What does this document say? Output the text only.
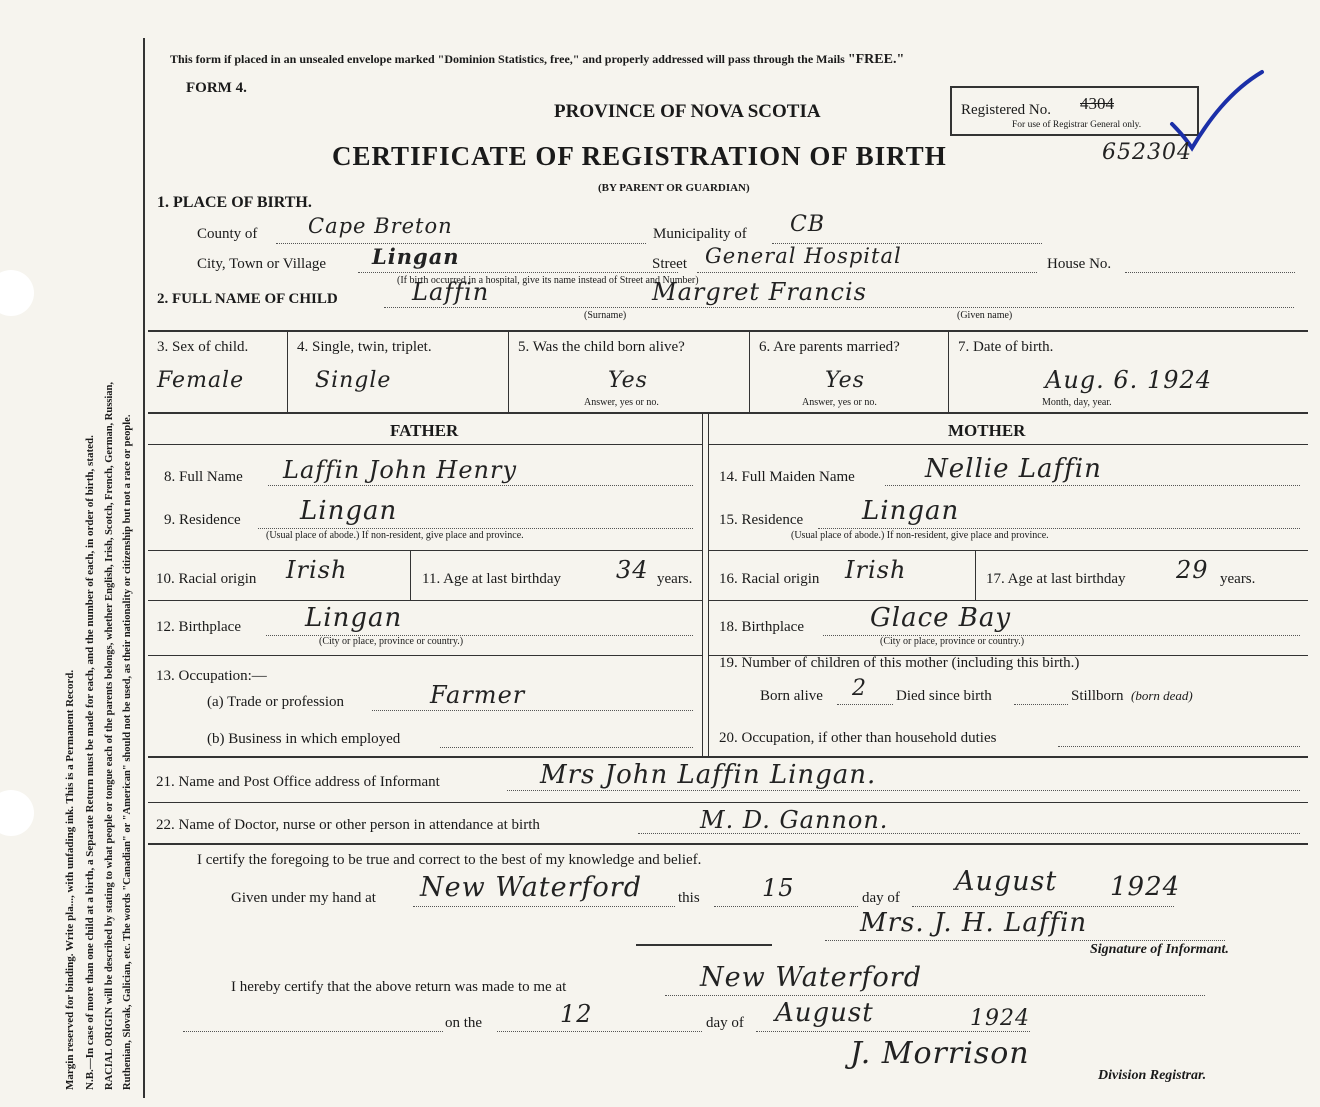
Margin reserved for binding. Write pla..., with unfading ink. This is a Permanent Record. N.B.—In case of more than one child at a birth, a Separate Return must be made for each, and the number of each, in order of birth, stated. RACIAL ORIGIN will be described by stating to what people or tongue each of the parents belongs, whether English, Irish, Scotch, French, German, Russian, Ruthenian, Slovak, Galician, etc. The words "Canadian" or "American" should not be used, as their nationality or citizenship but not a race or people.
This form if placed in an unsealed envelope marked "Dominion Statistics, free," and properly addressed will pass through the Mails "FREE."
FORM 4.
PROVINCE OF NOVA SCOTIA
CERTIFICATE OF REGISTRATION OF BIRTH
(BY PARENT OR GUARDIAN)
Registered No. 4304
For use of Registrar General only.
652304
1. PLACE OF BIRTH.
County of Cape Breton	Municipality of CB
City, Town or Village Lingan	Street General Hospital	House No.
(If birth occurred in a hospital, give its name instead of Street and Number)
2. FULL NAME OF CHILD	Laffin	Margret Francis
(Surname)	(Given name)
3. Sex of child.
Female
4. Single, twin, triplet.
Single
5. Was the child born alive?
Yes
Answer, yes or no.
6. Are parents married?
Yes
Answer, yes or no.
7. Date of birth.
Aug. 6. 1924
Month, day, year.
FATHER	MOTHER
8. Full Name Laffin John Henry
9. Residence Lingan
(Usual place of abode.) If non-resident, give place and province.
10. Racial origin Irish	11. Age at last birthday 34 years.
12. Birthplace Lingan
(City or place, province or country.)
13. Occupation:—
(a) Trade or profession	Farmer
(b) Business in which employed
14. Full Maiden Name	Nellie Laffin
15. Residence Lingan
(Usual place of abode.) If non-resident, give place and province.
16. Racial origin Irish	17. Age at last birthday 29 years.
18. Birthplace	Glace Bay
(City or place, province or country.)
19. Number of children of this mother (including this birth.)
Born alive 2 Died since birth	Stillborn (born dead)
20. Occupation, if other than household duties
21. Name and Post Office address of Informant	Mrs John Laffin Lingan.
22. Name of Doctor, nurse or other person in attendance at birth	M. D. Gannon.
I certify the foregoing to be true and correct to the best of my knowledge and belief.
Given under my hand at New Waterford this	15	day of
August 1924
Mrs. J. H. Laffin
Signature of Informant.
I hereby certify that the above return was made to me at	New Waterford
on the	12	day of August	1924
J. Morrison
Division Registrar.
